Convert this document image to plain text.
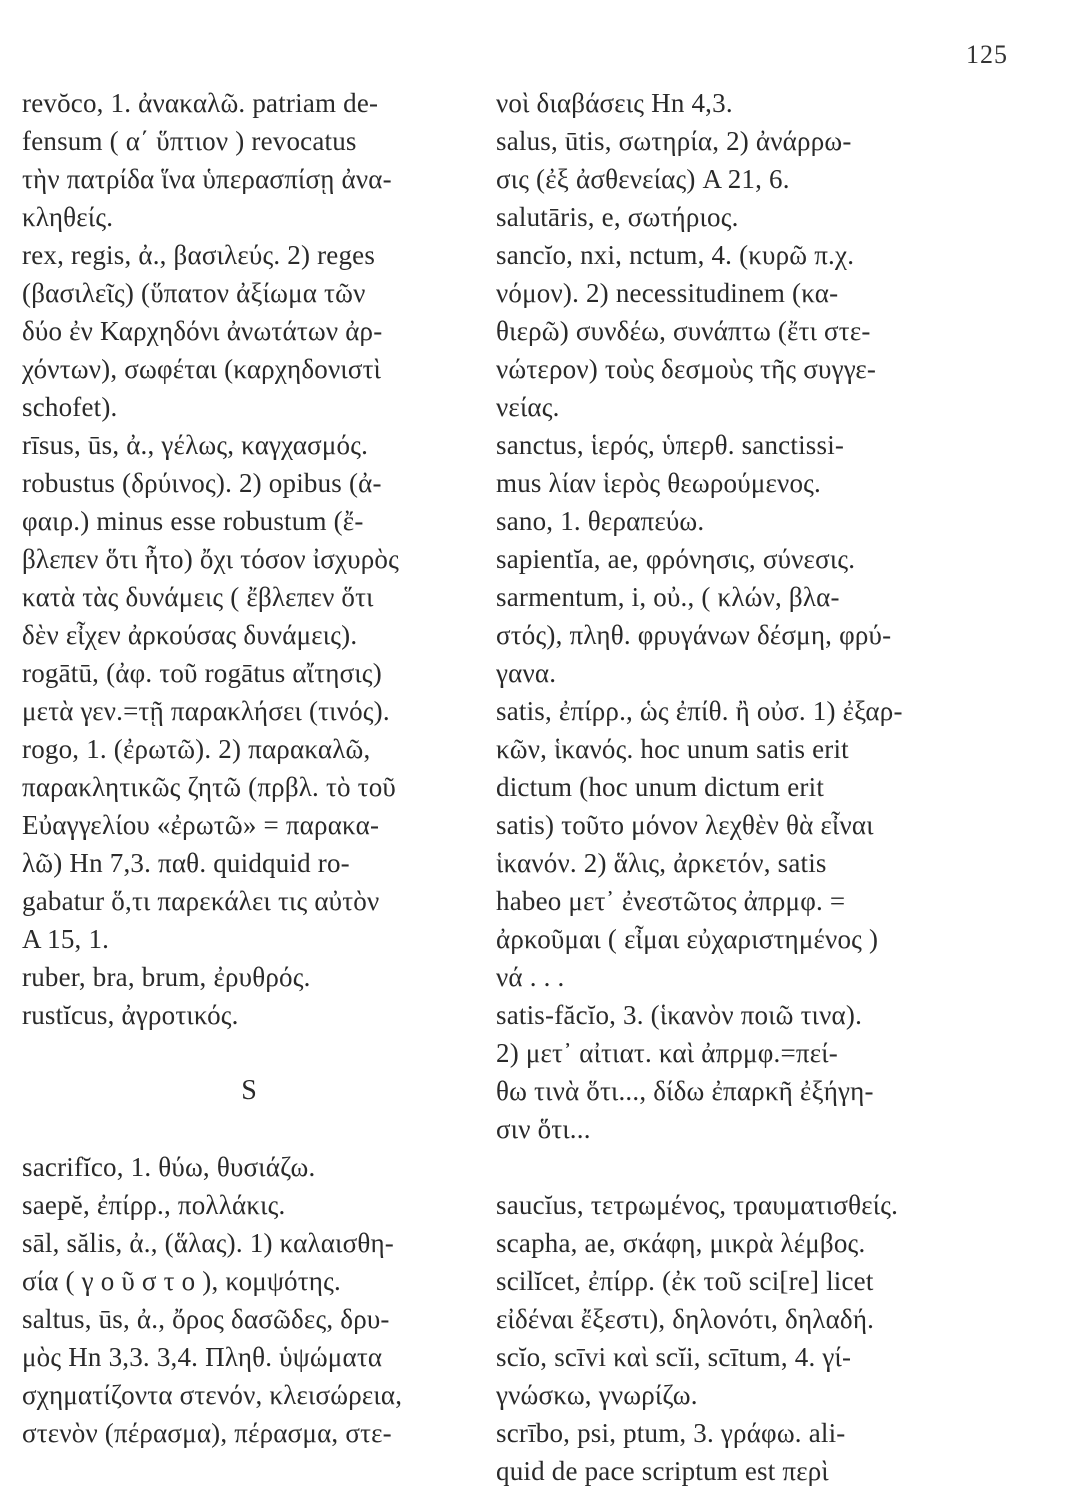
125
revŏco, 1. ἀνακαλῶ. patriam de-
fensum ( α΄ ὕπτιον ) revocatus
τὴν πατρίδα ἵνα ὑπερασπίσῃ ἀνα-
κληθείς.
rex, regis, ἀ., βασιλεύς. 2) reges
(βασιλεῖς) (ὕπατον ἀξίωμα τῶν
δύο ἐν Καρχηδόνι ἀνωτάτων ἀρ-
χόντων), σωφέται (καρχηδονιστὶ
schofet).
rīsus, ūs, ἀ., γέλως, καγχασμός.
robustus (δρύινος). 2) opibus (ἀ-
φαιρ.) minus esse robustum (ἔ-
βλεπεν ὅτι ἦτο) ὄχι τόσον ἰσχυρὸς
κατὰ τὰς δυνάμεις ( ἔβλεπεν ὅτι
δὲν εἶχεν ἀρκούσας δυνάμεις).
rogātū, (ἀφ. τοῦ rogātus αἴτησις)
μετὰ γεν.=τῇ παρακλήσει (τινός).
rogo, 1. (ἐρωτῶ). 2) παρακαλῶ,
παρακλητικῶς ζητῶ (πρβλ. τὸ τοῦ
Εὐαγγελίου «ἐρωτῶ» = παρακα-
λῶ) Hn 7,3. παθ. quidquid ro-
gabatur ὅ,τι παρεκάλει τις αὐτὸν
A 15, 1.
ruber, bra, brum, ἐρυθρός.
rustĭcus, ἀγροτικός.
S
sacrifĭco, 1. θύω, θυσιάζω.
saepĕ, ἐπίρρ., πολλάκις.
sāl, sălis, ἀ., (ἅλας). 1) καλαισθη-
σία ( γ ο ῦ σ τ ο ), κομψότης.
saltus, ūs, ἀ., ὄρος δασῶδες, δρυ-
μὸς Hn 3,3. 3,4. Πληθ. ὑψώματα
σχηματίζοντα στενόν, κλεισώρεια,
στενὸν (πέρασμα), πέρασμα, στε-
νοὶ διαβάσεις Hn 4,3.
salus, ūtis, σωτηρία, 2) ἀνάρρω-
σις (ἐξ ἀσθενείας) A 21, 6.
salutāris, e, σωτήριος.
sancĭo, nxi, nctum, 4. (κυρῶ π.χ.
νόμον). 2) necessitudinem (κα-
θιερῶ) συνδέω, συνάπτω (ἔτι στε-
νώτερον) τοὺς δεσμοὺς τῆς συγγε-
νείας.
sanctus, ἱερός, ὑπερθ. sanctissi-
mus λίαν ἱερὸς θεωρούμενος.
sano, 1. θεραπεύω.
sapientĭa, ae, φρόνησις, σύνεσις.
sarmentum, i, οὐ., ( κλών, βλα-
στός), πληθ. φρυγάνων δέσμη, φρύ-
γανα.
satis, ἐπίρρ., ὡς ἐπίθ. ἢ οὐσ. 1) ἐξαρ-
κῶν, ἱκανός. hoc unum satis erit
dictum (hoc unum dictum erit
satis) τοῦτο μόνον λεχθὲν θὰ εἶναι
ἱκανόν. 2) ἅλις, ἀρκετόν, satis
habeo μετ᾽ ἐνεστῶτος ἀπρμφ. =
ἀρκοῦμαι ( εἶμαι εὐχαριστημένος )
νά . . .
satis-făcĭo, 3. (ἱκανὸν ποιῶ τινα).
2) μετ᾽ αἰτιατ. καὶ ἀπρμφ.=πεί-
θω τινὰ ὅτι..., δίδω ἐπαρκῆ ἐξήγη-
σιν ὅτι...
saucĭus, τετρωμένος, τραυματισθείς.
scapha, ae, σκάφη, μικρὰ λέμβος.
scilĭcet, ἐπίρρ. (ἐκ τοῦ sci[re] licet
εἰδέναι ἔξεστι), δηλονότι, δηλαδή.
scĭo, scīvi καὶ scĭi, scītum, 4. γί-
γνώσκω, γνωρίζω.
scrībo, psi, ptum, 3. γράφω. ali-
quid de pace scriptum est περὶ
